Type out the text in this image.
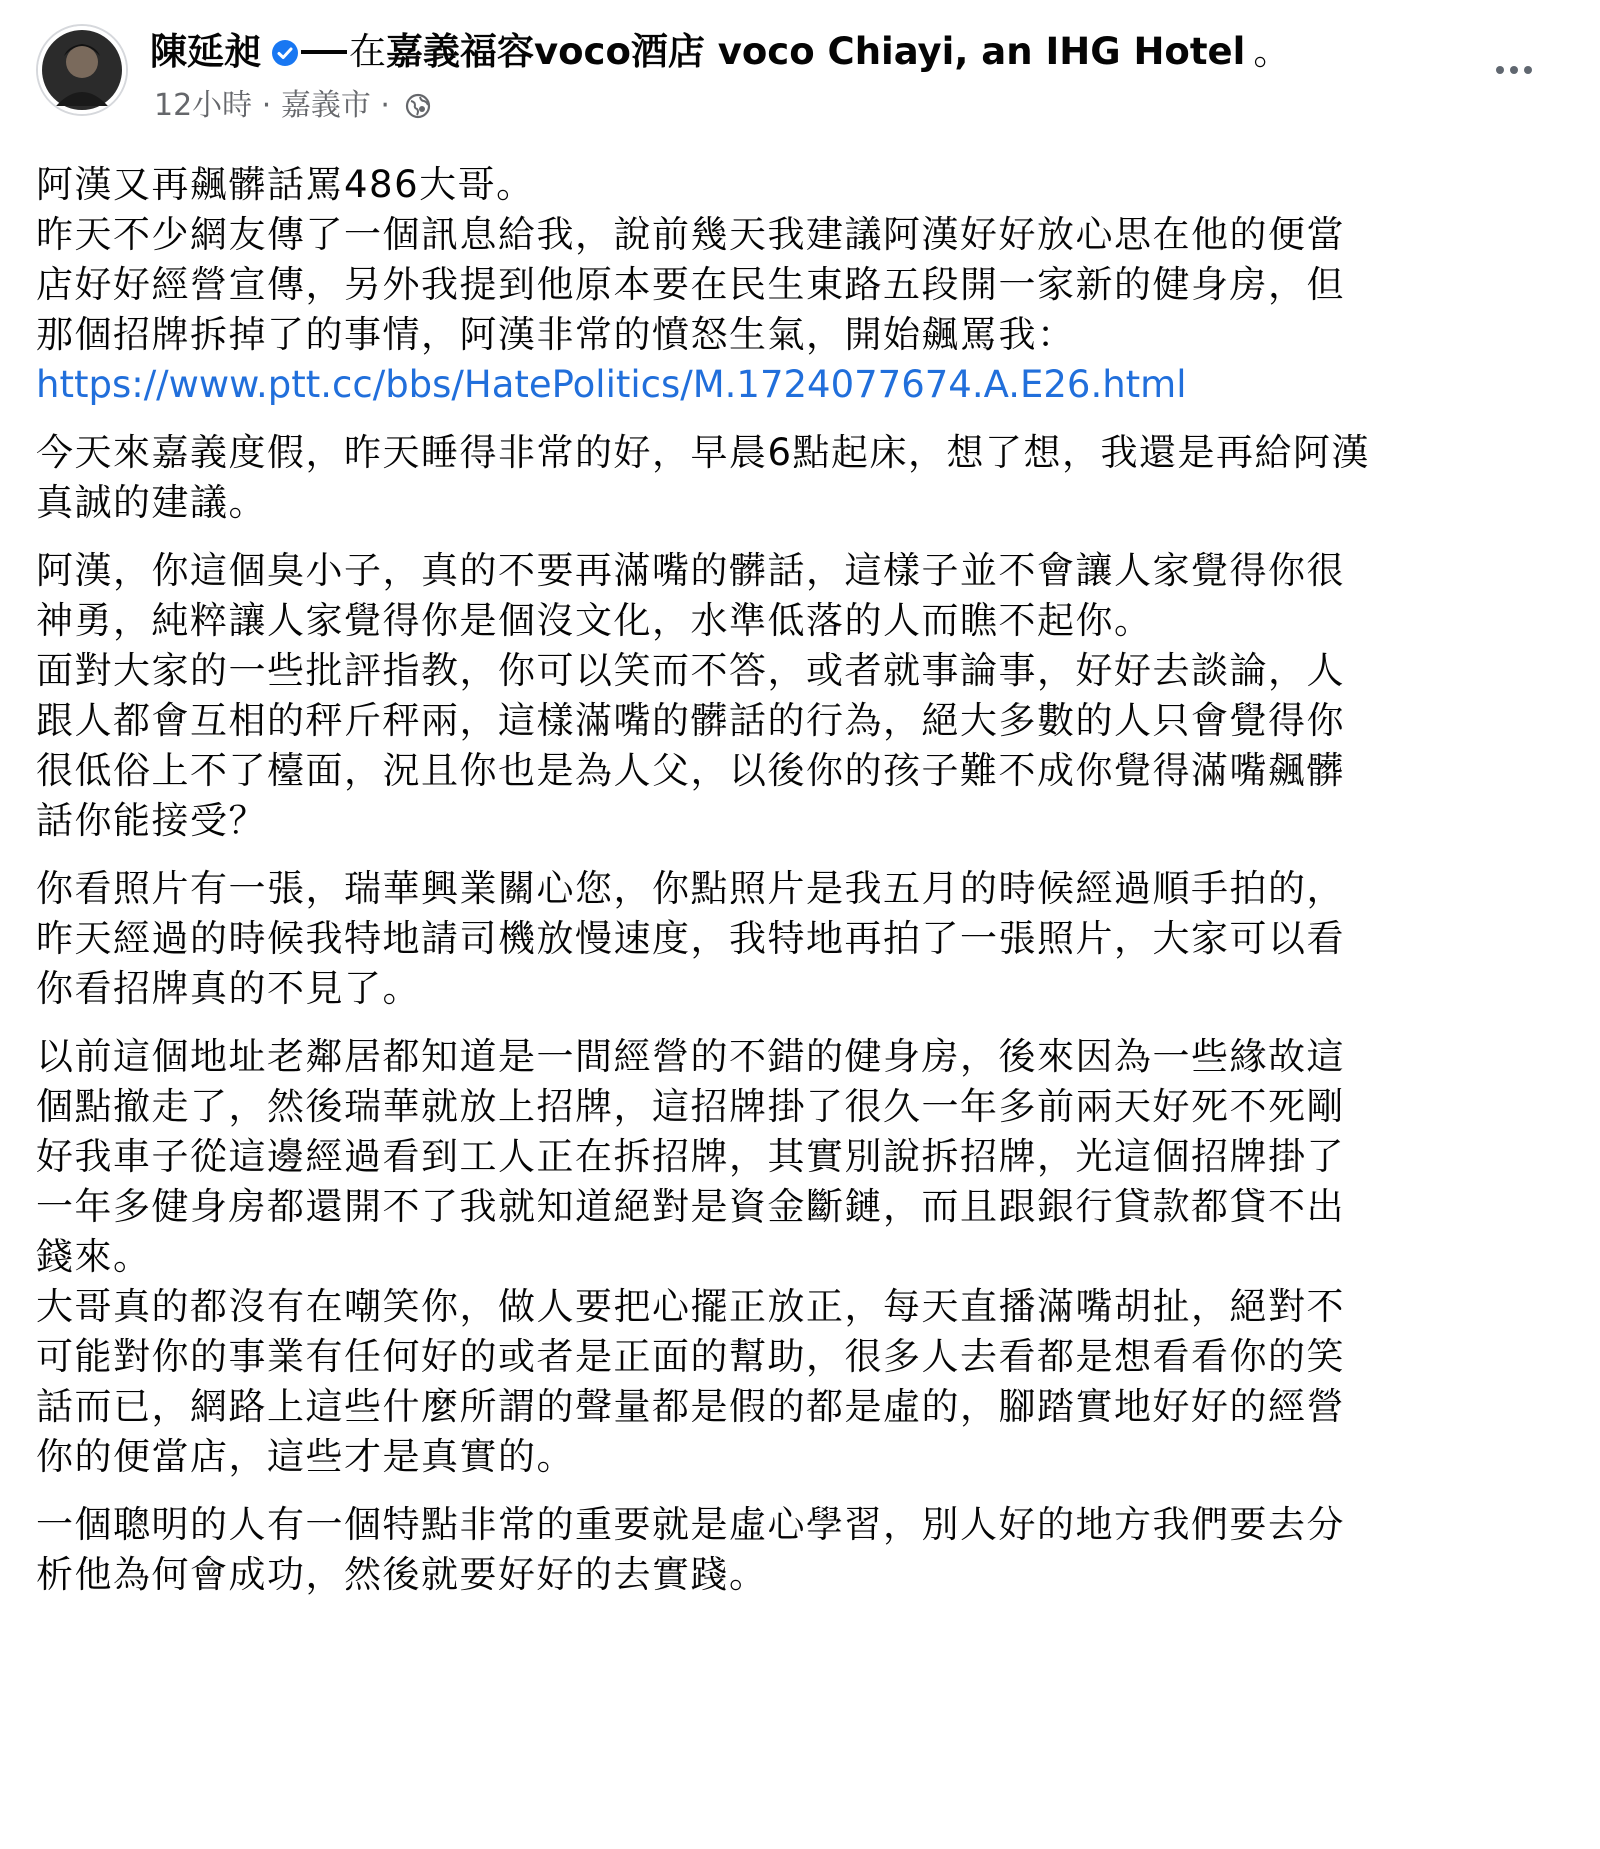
陳延昶 在嘉義福容voco酒店 voco Chiayi, an IHG Hotel 。
12小時 · 嘉義市 ·
阿漢又再飆髒話罵486大哥。
昨天不少網友傳了一個訊息給我，說前幾天我建議阿漢好好放心思在他的便當
店好好經營宣傳，另外我提到他原本要在民生東路五段開一家新的健身房，但
那個招牌拆掉了的事情，阿漢非常的憤怒生氣，開始飆罵我：
https://www.ptt.cc/bbs/HatePolitics/M.1724077674.A.E26.html
今天來嘉義度假，昨天睡得非常的好，早晨6點起床，想了想，我還是再給阿漢
真誠的建議。
阿漢，你這個臭小子，真的不要再滿嘴的髒話，這樣子並不會讓人家覺得你很
神勇，純粹讓人家覺得你是個沒文化，水準低落的人而瞧不起你。
面對大家的一些批評指教，你可以笑而不答，或者就事論事，好好去談論，人
跟人都會互相的秤斤秤兩，這樣滿嘴的髒話的行為，絕大多數的人只會覺得你
很低俗上不了檯面，況且你也是為人父，以後你的孩子難不成你覺得滿嘴飆髒
話你能接受？
你看照片有一張，瑞華興業關心您，你點照片是我五月的時候經過順手拍的，
昨天經過的時候我特地請司機放慢速度，我特地再拍了一張照片，大家可以看
你看招牌真的不見了。
以前這個地址老鄰居都知道是一間經營的不錯的健身房，後來因為一些緣故這
個點撤走了，然後瑞華就放上招牌，這招牌掛了很久一年多前兩天好死不死剛
好我車子從這邊經過看到工人正在拆招牌，其實別說拆招牌，光這個招牌掛了
一年多健身房都還開不了我就知道絕對是資金斷鏈，而且跟銀行貸款都貸不出
錢來。
大哥真的都沒有在嘲笑你，做人要把心擺正放正，每天直播滿嘴胡扯，絕對不
可能對你的事業有任何好的或者是正面的幫助，很多人去看都是想看看你的笑
話而已，網路上這些什麼所謂的聲量都是假的都是虛的，腳踏實地好好的經營
你的便當店，這些才是真實的。
一個聰明的人有一個特點非常的重要就是虛心學習，別人好的地方我們要去分
析他為何會成功，然後就要好好的去實踐。
